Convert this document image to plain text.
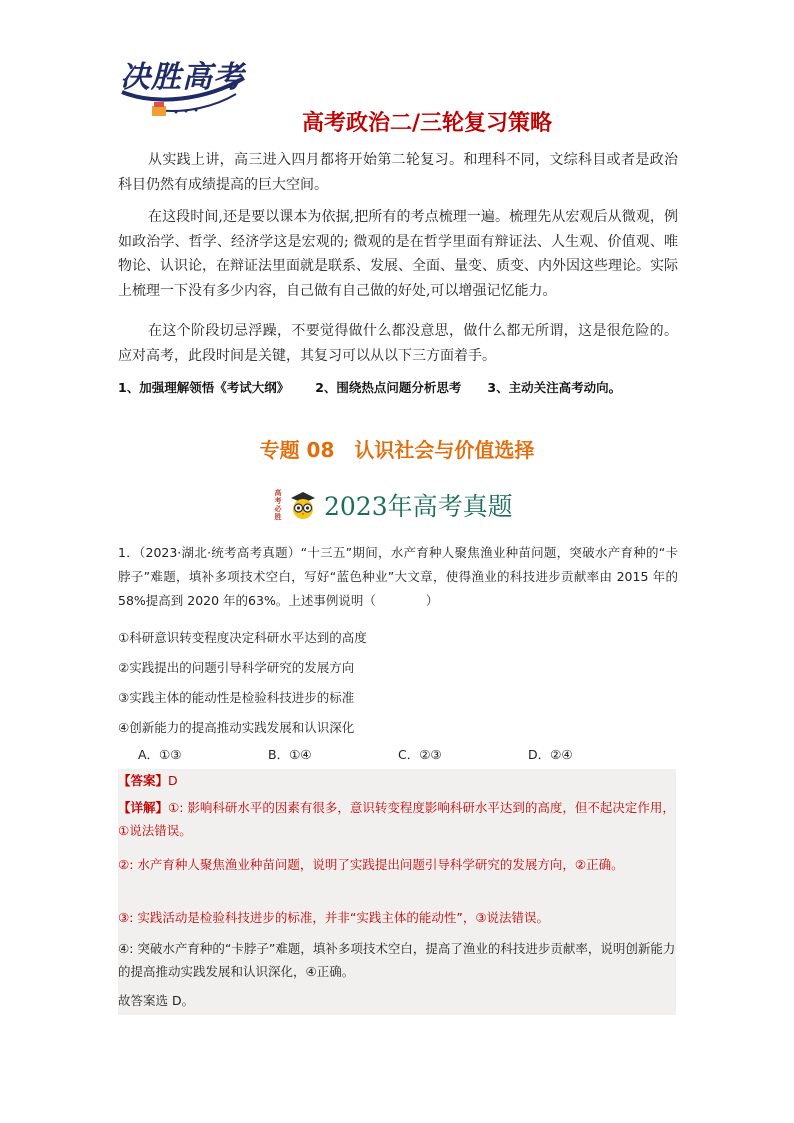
决胜高考
高考政治二/三轮复习策略
从实践上讲，高三进入四月都将开始第二轮复习。和理科不同，文综科目或者是政治科目仍然有成绩提高的巨大空间。
在这段时间,还是要以课本为依据,把所有的考点梳理一遍。梳理先从宏观后从微观，例如政治学、哲学、经济学这是宏观的; 微观的是在哲学里面有辩证法、人生观、价值观、唯物论、认识论，在辩证法里面就是联系、发展、全面、量变、质变、内外因这些理论。实际上梳理一下没有多少内容，自己做有自己做的好处,可以增强记忆能力。
在这个阶段切忌浮躁，不要觉得做什么都没意思，做什么都无所谓，这是很危险的。应对高考，此段时间是关键，其复习可以从以下三方面着手。
1、加强理解领悟《考试大纲》 2、围绕热点问题分析思考 3、主动关注高考动向。
专题 08　认识社会与价值选择
高考必胜 2023年高考真题
1．（2023·湖北·统考高考真题）“十三五”期间，水产育种人聚焦渔业种苗问题，突破水产育种的“卡脖子”难题，填补多项技术空白，写好“蓝色种业”大文章，使得渔业的科技进步贡献率由 2015 年的 58%提高到 2020 年的63%。上述事例说明（　　　　）
①科研意识转变程度决定科研水平达到的高度
②实践提出的问题引导科学研究的发展方向
③实践主体的能动性是检验科技进步的标准
④创新能力的提高推动实践发展和认识深化
A．①③	B．①④	C．②③	D．②④
【答案】D
【详解】①: 影响科研水平的因素有很多，意识转变程度影响科研水平达到的高度，但不起决定作用，①说法错误。
②: 水产育种人聚焦渔业种苗问题，说明了实践提出问题引导科学研究的发展方向，②正确。
③: 实践活动是检验科技进步的标准，并非“实践主体的能动性”，③说法错误。
④: 突破水产育种的“卡脖子”难题，填补多项技术空白，提高了渔业的科技进步贡献率，说明创新能力的提高推动实践发展和认识深化，④正确。
故答案选 D。
